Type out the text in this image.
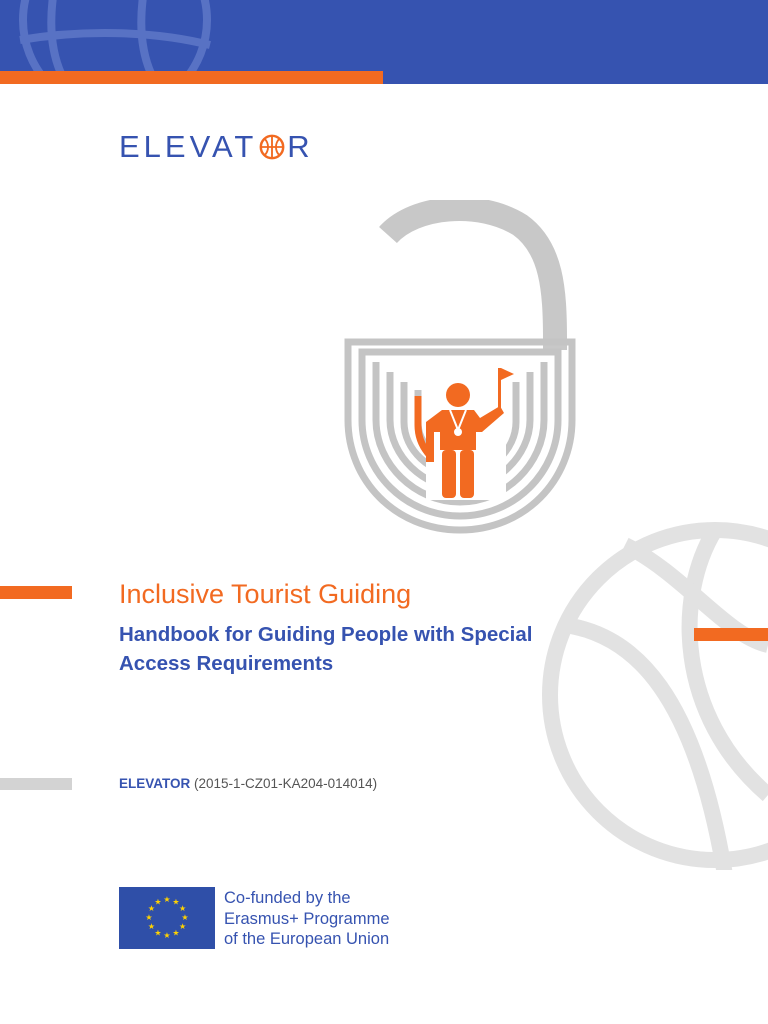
ELEVAT R
Inclusive Tourist Guiding
Handbook for Guiding People with Special
Access Requirements
ELEVATOR (2015-1-CZ01-KA204-014014)
★ ★
★
★
★
★
★
★
★
★
★
★	Co-funded by the
Erasmus+ Programme
of the European Union
